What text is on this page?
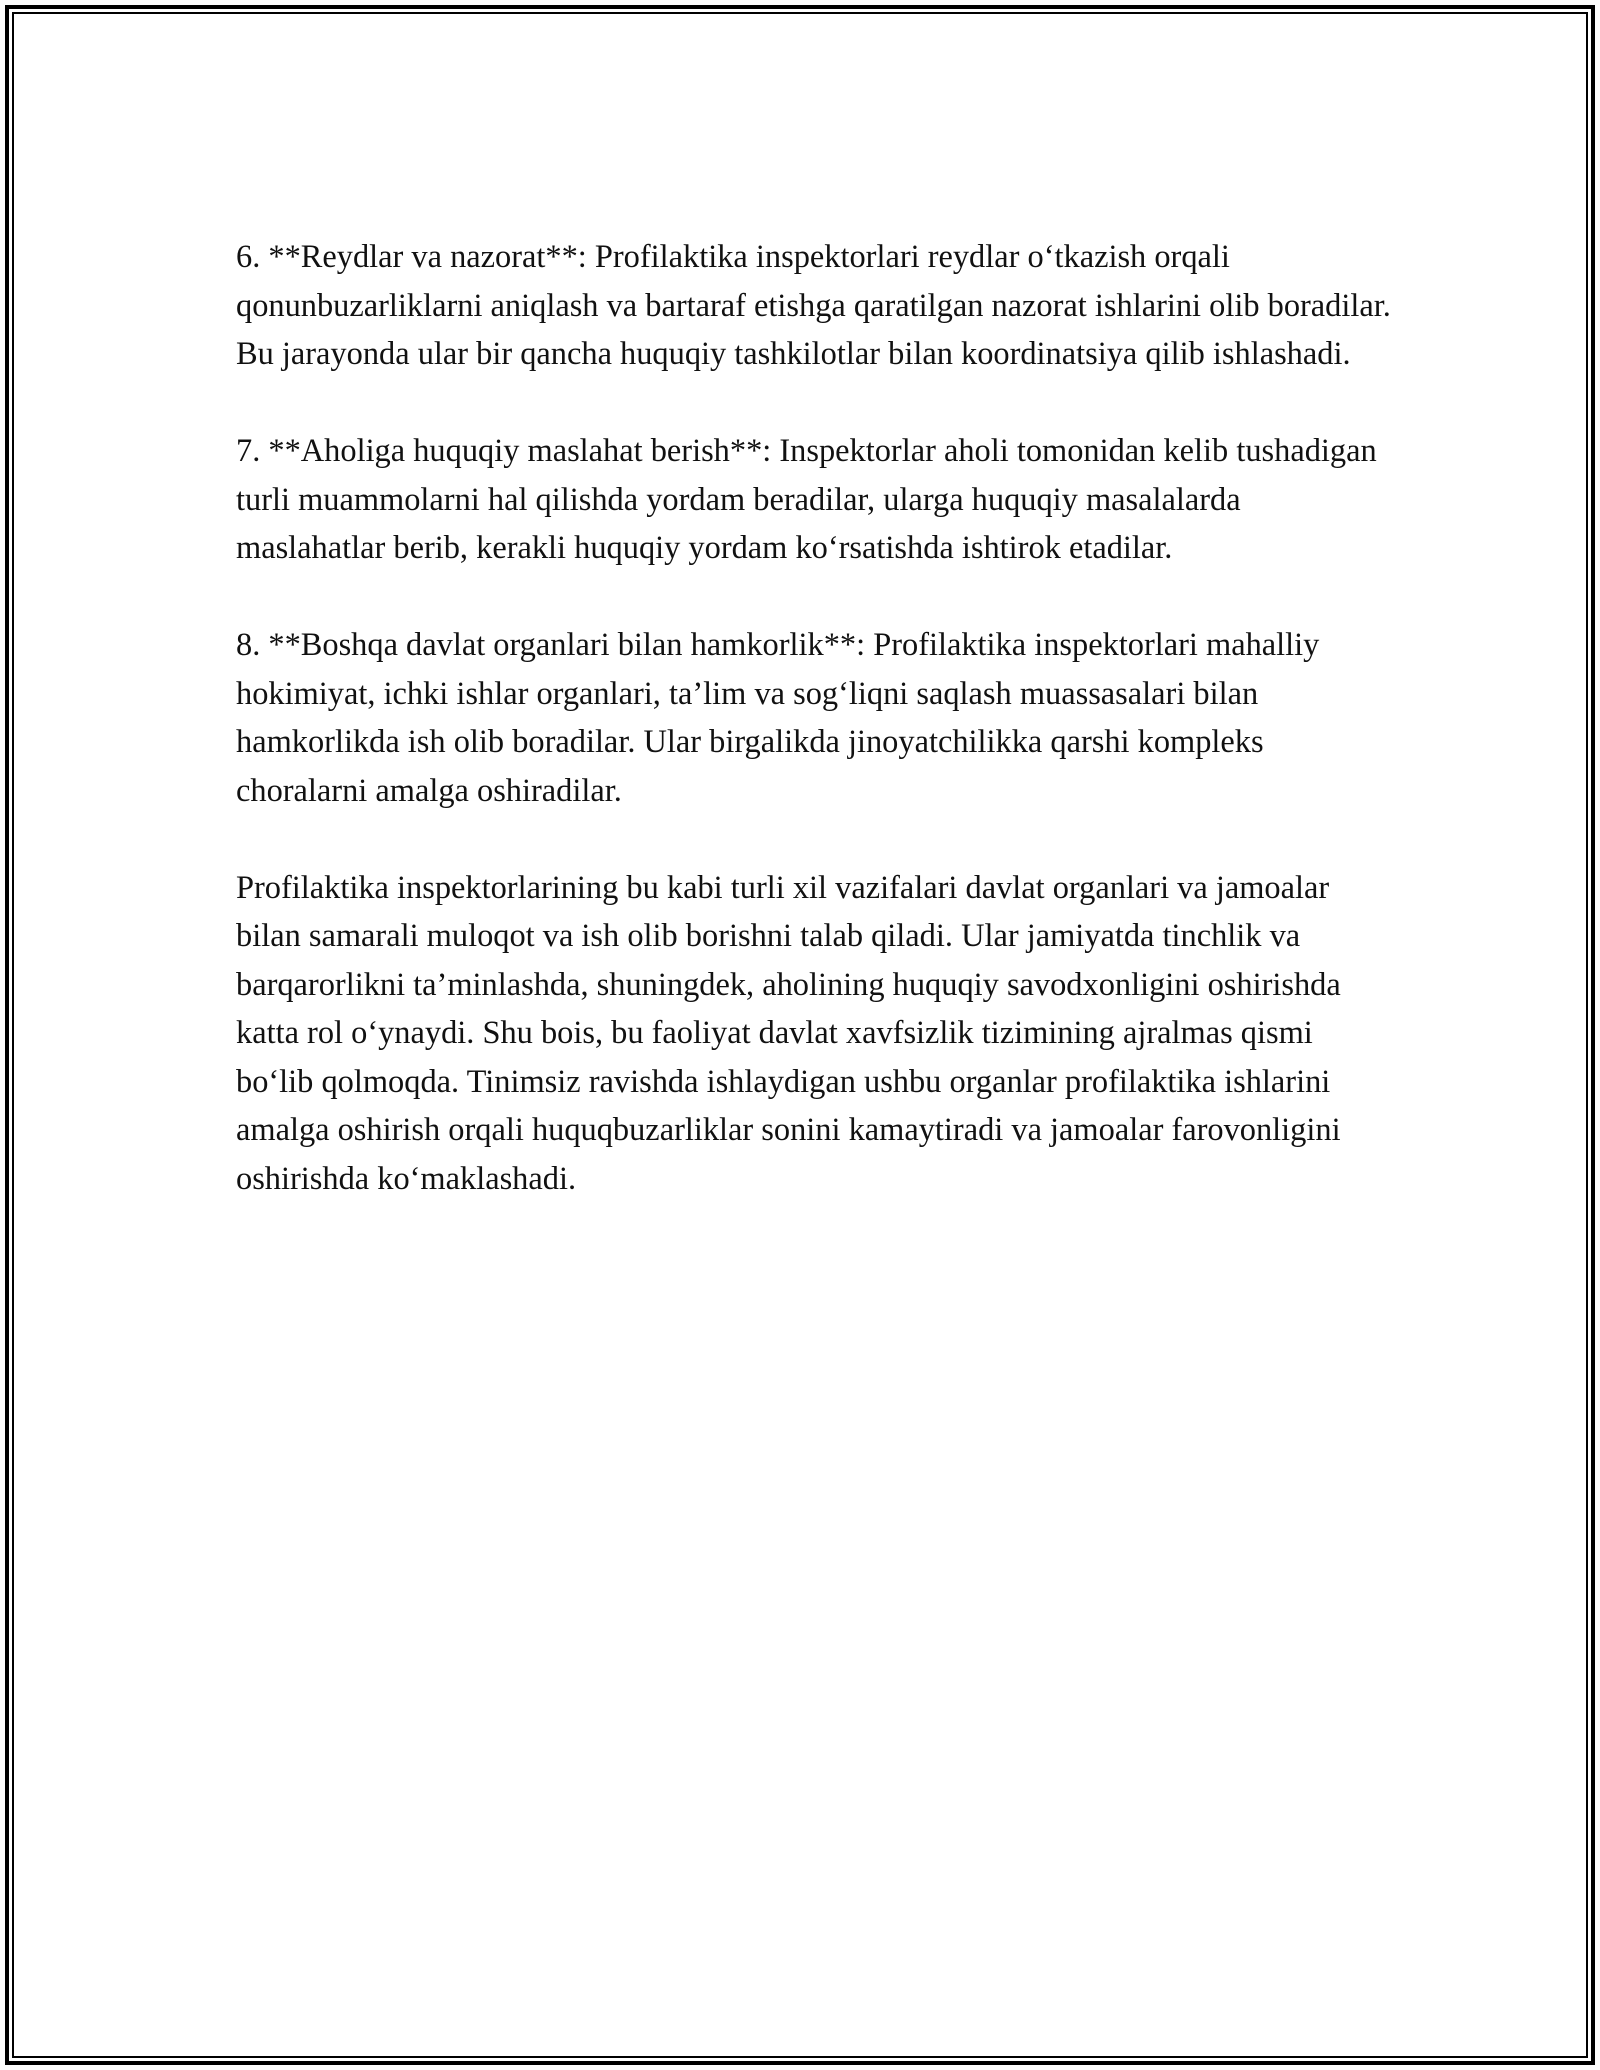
6. **Reydlar va nazorat**: Profilaktika inspektorlari reydlar o‘tkazish orqali qonunbuzarliklarni aniqlash va bartaraf etishga qaratilgan nazorat ishlarini olib boradilar. Bu jarayonda ular bir qancha huquqiy tashkilotlar bilan koordinatsiya qilib ishlashadi.

7. **Aholiga huquqiy maslahat berish**: Inspektorlar aholi tomonidan kelib tushadigan turli muammolarni hal qilishda yordam beradilar, ularga huquqiy masalalarda maslahatlar berib, kerakli huquqiy yordam ko‘rsatishda ishtirok etadilar.

8. **Boshqa davlat organlari bilan hamkorlik**: Profilaktika inspektorlari mahalliy hokimiyat, ichki ishlar organlari, ta’lim va sog‘liqni saqlash muassasalari bilan hamkorlikda ish olib boradilar. Ular birgalikda jinoyatchilikka qarshi kompleks choralarni amalga oshiradilar.

Profilaktika inspektorlarining bu kabi turli xil vazifalari davlat organlari va jamoalar bilan samarali muloqot va ish olib borishni talab qiladi. Ular jamiyatda tinchlik va barqarorlikni ta’minlashda, shuningdek, aholining huquqiy savodxonligini oshirishda katta rol o‘ynaydi. Shu bois, bu faoliyat davlat xavfsizlik tizimining ajralmas qismi bo‘lib qolmoqda. Tinimsiz ravishda ishlaydigan ushbu organlar profilaktika ishlarini amalga oshirish orqali huquqbuzarliklar sonini kamaytiradi va jamoalar farovonligini oshirishda ko‘maklashadi.
